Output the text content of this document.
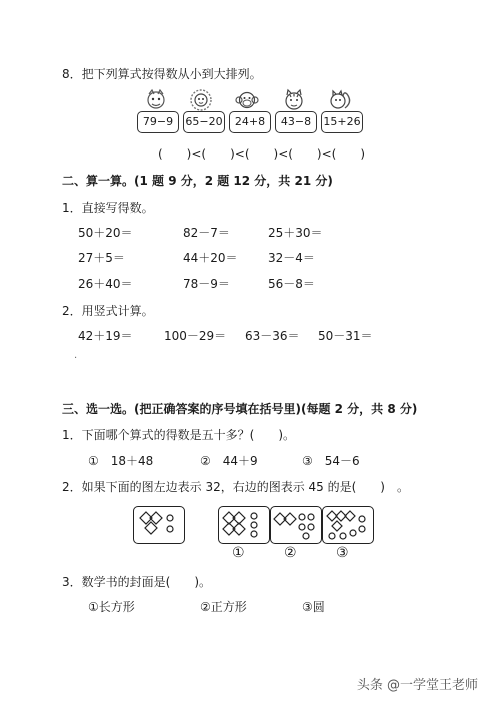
8．把下列算式按得数从小到大排列。
79−9	65−20	24+8	43−8	15+26
(　　)<(　　)<(　　)<(　　)<(　　)
二、算一算。(1 题 9 分，2 题 12 分，共 21 分)
1．直接写得数。
50＋20＝	82－7＝	25＋30＝
27＋5＝	44＋20＝	32－4＝
26＋40＝	78－9＝	56－8＝
2．用竖式计算。
42＋19＝	100－29＝ 63－36＝ 50－31＝
.
三、选一选。(把正确答案的序号填在括号里)(每题 2 分，共 8 分)
1．下面哪个算式的得数是五十多？(　　)。
①　18＋48	②　44＋9	③　54－6
2．如果下面的图左边表示 32，右边的图表示 45 的是(　　)　。
①	②	③
3．数学书的封面是(　　)。
①长方形	②正方形	③圆
头条 @一学堂王老师
